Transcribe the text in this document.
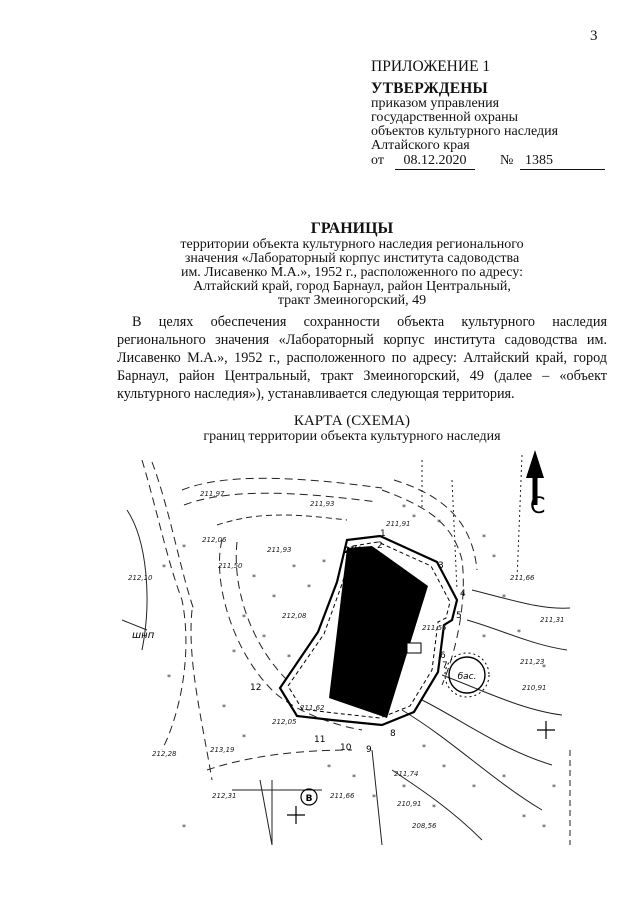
3
ПРИЛОЖЕНИЕ 1
УТВЕРЖДЕНЫ
приказом управления
государственной охраны
объектов культурного наследия
Алтайского края
от	08.12.2020	№ 1385
ГРАНИЦЫ
территории объекта культурного наследия регионального
значения «Лабораторный корпус института садоводства
им. Лисавенко М.А.», 1952 г., расположенного по адресу:
Алтайский край, город Барнаул, район Центральный,
тракт Змеиногорский, 49

В целях обеспечения сохранности объекта культурного наследия регионального значения «Лабораторный корпус института садоводства им. Лисавенко М.А.», 1952 г., расположенного по адресу: Алтайский край, город Барнаул, район Центральный, тракт Змеиногорский, 49 (далее – «объект культурного наследия»), устанавливается следующая территория.

КАРТА (СХЕМА)
границ территории объекта культурного наследия
бас.
В
С
1
2
3
4
5
6
7
8
9
10
11
12
2Ж
шнп
211,97
211,93
211,91
212,06
211,93
212,08
211,66
211,31
211,23
210,91
211,62
212,28	213,19
212,31	211,66
211,74
210,91
208,56
212,10
211,50
211,56
212,05
*
*
*
*
*
*
*
*
*
*
*
*
*
*
*
*
*
*
*
*
*
*
*
*
*
*
*
*
*
*
*
*
*	*
*
*
